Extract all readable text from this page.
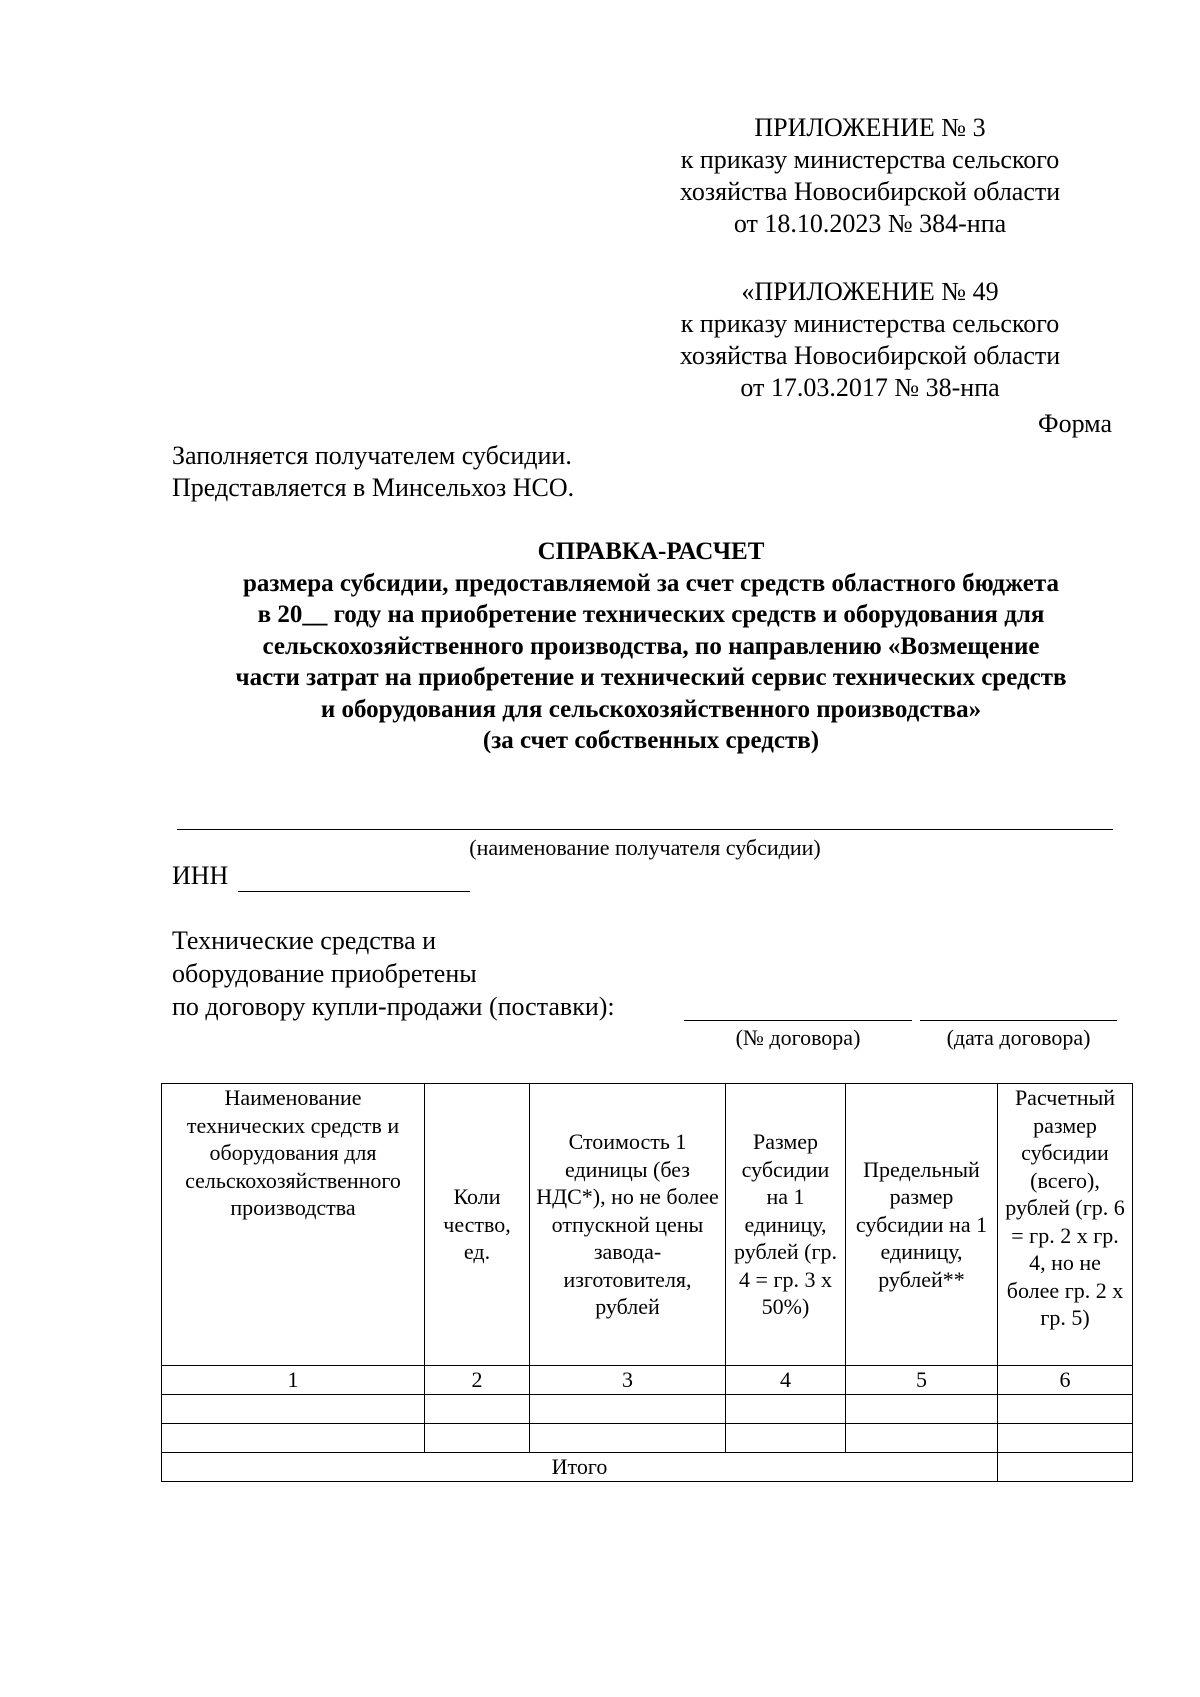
ПРИЛОЖЕНИЕ № 3
к приказу министерства сельского
хозяйства Новосибирской области
от 18.10.2023 № 384-нпа
«ПРИЛОЖЕНИЕ № 49
к приказу министерства сельского
хозяйства Новосибирской области
от 17.03.2017 № 38-нпа
Форма
Заполняется получателем субсидии.
Представляется в Минсельхоз НСО.
СПРАВКА-РАСЧЕТ
размера субсидии, предоставляемой за счет средств областного бюджета
в 20__ году на приобретение технических средств и оборудования для
сельскохозяйственного производства, по направлению «Возмещение
части затрат на приобретение и технический сервис технических средств
и оборудования для сельскохозяйственного производства»
(за счет собственных средств)
(наименование получателя субсидии)
ИНН
Технические средства и
оборудование приобретены
по договору купли-продажи (поставки):
(№ договора)	(дата договора)
Наименование технических средств и оборудования для сельскохозяйственного производства	Коли чество, ед.	Стоимость 1 единицы (без НДС*), но не более отпускной цены завода-изготовителя, рублей	Размер субсидии на 1 единицу, рублей (гр. 4 = гр. 3 х 50%)	Предельный размер субсидии на 1 единицу, рублей**	Расчетный размер субсидии (всего), рублей (гр. 6 = гр. 2 х гр. 4, но не более гр. 2 х гр. 5)
1	2	3	4	5	6

Итого					
